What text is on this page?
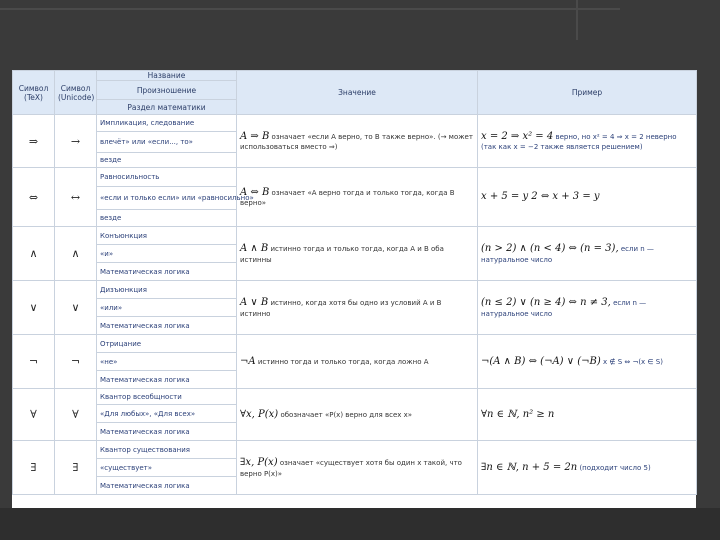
Символ (TeX)	Символ (Unicode)	Название	Значение	Пример
		Произношение		
		Раздел математики		
⇒	→	Импликация, следование	A ⇒ B означает «если A верно, то B также верно». (→ может использоваться вместо ⇒)	x = 2 ⇒ x² = 4 верно, но x² = 4 ⇒ x = 2 неверно (так как x = −2 также является решением)
		влечёт» или «если..., то»		
		везде		
⇔	↔	Равносильность	A ⇔ B означает «A верно тогда и только тогда, когда B верно»	x + 5 = y 2 ⇔ x + 3 = y
		«если и только если» или «равносильно»		
		везде		
∧	∧	Конъюнкция	A ∧ B истинно тогда и только тогда, когда A и B оба истинны	(n > 2) ∧ (n < 4) ⇔ (n = 3), если n — натуральное число
		«и»		
		Математическая логика		
∨	∨	Дизъюнкция	A ∨ B истинно, когда хотя бы одно из условий A и B истинно	(n ≤ 2) ∨ (n ≥ 4) ⇔ n ≠ 3, если n — натуральное число
		«или»		
		Математическая логика		
¬	¬	Отрицание	¬A истинно тогда и только тогда, когда ложно A	¬(A ∧ B) ⇔ (¬A) ∨ (¬B) x ∉ S ⇔ ¬(x ∈ S)
		«не»		
		Математическая логика		
∀	∀	Квантор всеобщности	∀x, P(x) обозначает «P(x) верно для всех x»	∀n ∈ ℕ, n² ≥ n
		«Для любых», «Для всех»		
		Математическая логика		
∃	∃	Квантор существования	∃x, P(x) означает «существует хотя бы один x такой, что верно P(x)»	∃n ∈ ℕ, n + 5 = 2n (подходит число 5)
		«существует»		
		Математическая логика		
